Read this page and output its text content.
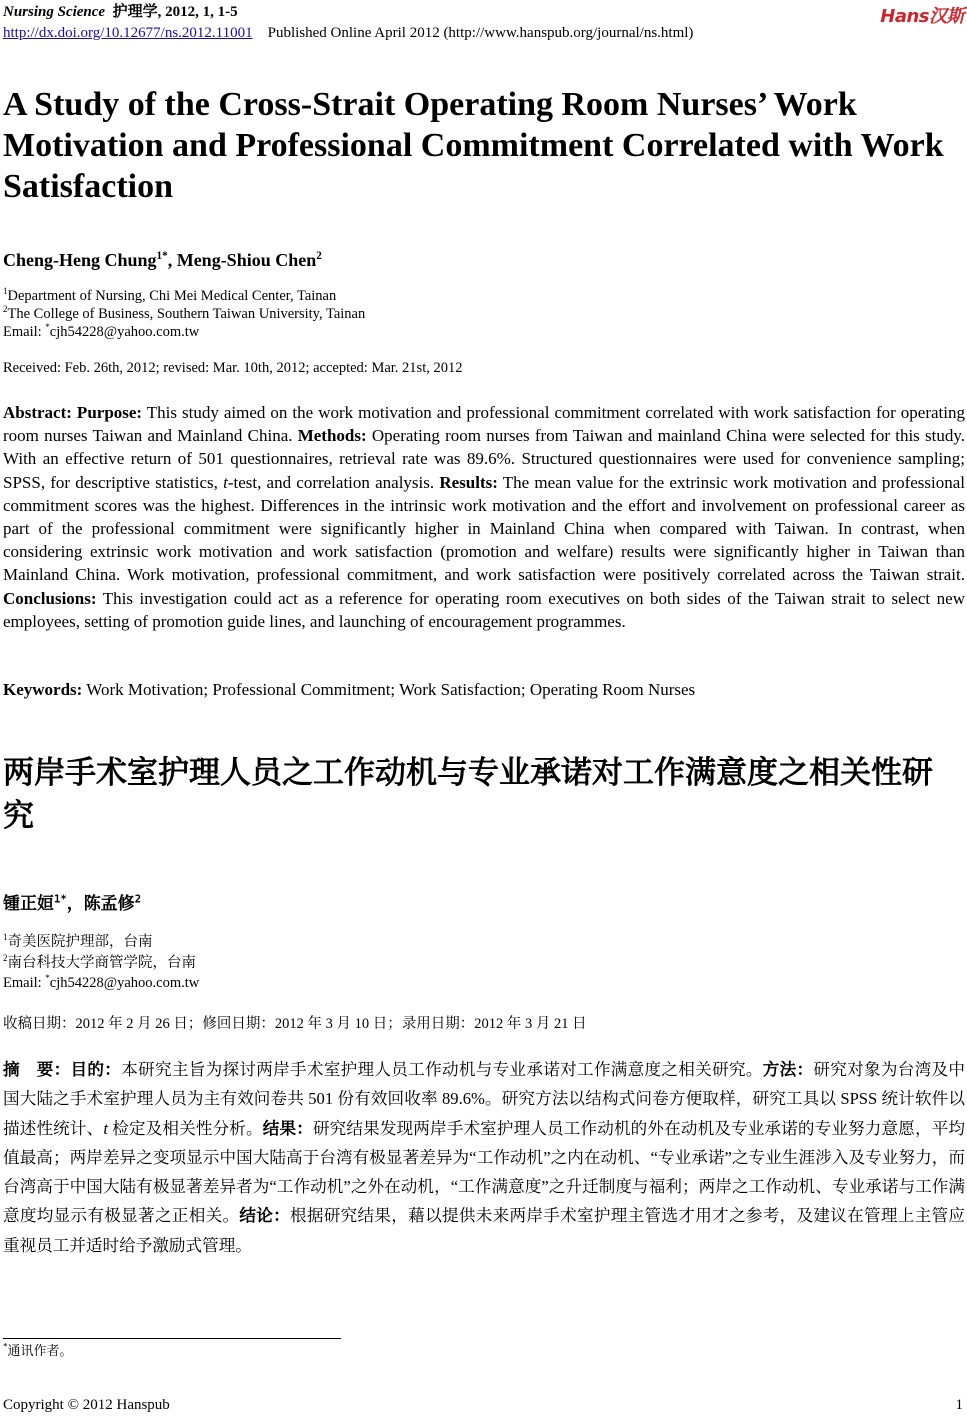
Nursing Science 护理学, 2012, 1, 1-5
http://dx.doi.org/10.12677/ns.2012.11001 Published Online April 2012 (http://www.hanspub.org/journal/ns.html)
Hans汉斯
A Study of the Cross-Strait Operating Room Nurses’ Work Motivation and Professional Commitment Correlated with Work Satisfaction
Cheng-Heng Chung$^{1*}$, Meng-Shiou Chen$^2$
$^1$Department of Nursing, Chi Mei Medical Center, Tainan
$^2$The College of Business, Southern Taiwan University, Tainan
Email: *cjh54228@yahoo.com.tw
Received: Feb. 26th, 2012; revised: Mar. 10th, 2012; accepted: Mar. 21st, 2012
Abstract: Purpose: This study aimed on the work motivation and professional commitment correlated with work satisfaction for operating room nurses Taiwan and Mainland China. Methods: Operating room nurses from Taiwan and mainland China were selected for this study. With an effective return of 501 questionnaires, retrieval rate was 89.6%. Structured questionnaires were used for convenience sampling; SPSS, for descriptive statistics, t-test, and correlation analysis. Results: The mean value for the extrinsic work motivation and professional commitment scores was the highest. Differences in the intrinsic work motivation and the effort and involvement on professional career as part of the professional commitment were significantly higher in Mainland China when compared with Taiwan. In contrast, when considering extrinsic work motivation and work satisfaction (promotion and welfare) results were significantly higher in Taiwan than Mainland China. Work motivation, professional commitment, and work satisfaction were positively correlated across the Taiwan strait. Conclusions: This investigation could act as a reference for operating room executives on both sides of the Taiwan strait to select new employees, setting of promotion guide lines, and launching of encouragement programmes.
Keywords: Work Motivation; Professional Commitment; Work Satisfaction; Operating Room Nurses
两岸手术室护理人员之工作动机与专业承诺对工作满意度之相关性研究
锺正姮$^{1*}$，陈孟修$^2$
$^1$奇美医院护理部，台南
$^2$南台科技大学商管学院，台南
Email: *cjh54228@yahoo.com.tw
收稿日期：2012 年 2 月 26 日；修回日期：2012 年 3 月 10 日；录用日期：2012 年 3 月 21 日
摘　要：目的：本研究主旨为探讨两岸手术室护理人员工作动机与专业承诺对工作满意度之相关研究。方法：研究对象为台湾及中国大陆之手术室护理人员为主有效问卷共 501 份有效回收率 89.6%。研究方法以结构式问卷方便取样，研究工具以 SPSS 统计软件以描述性统计、t 检定及相关性分析。结果：研究结果发现两岸手术室护理人员工作动机的外在动机及专业承诺的专业努力意愿，平均值最高；两岸差异之变项显示中国大陆高于台湾有极显著差异为“工作动机”之内在动机、“专业承诺”之专业生涯涉入及专业努力，而台湾高于中国大陆有极显著差异者为“工作动机”之外在动机，“工作满意度”之升迁制度与福利；两岸之工作动机、专业承诺与工作满意度均显示有极显著之正相关。结论：根据研究结果，藉以提供未来两岸手术室护理主管选才用才之参考，及建议在管理上主管应重视员工并适时给予激励式管理。
*通讯作者。
Copyright © 2012 Hanspub	1
